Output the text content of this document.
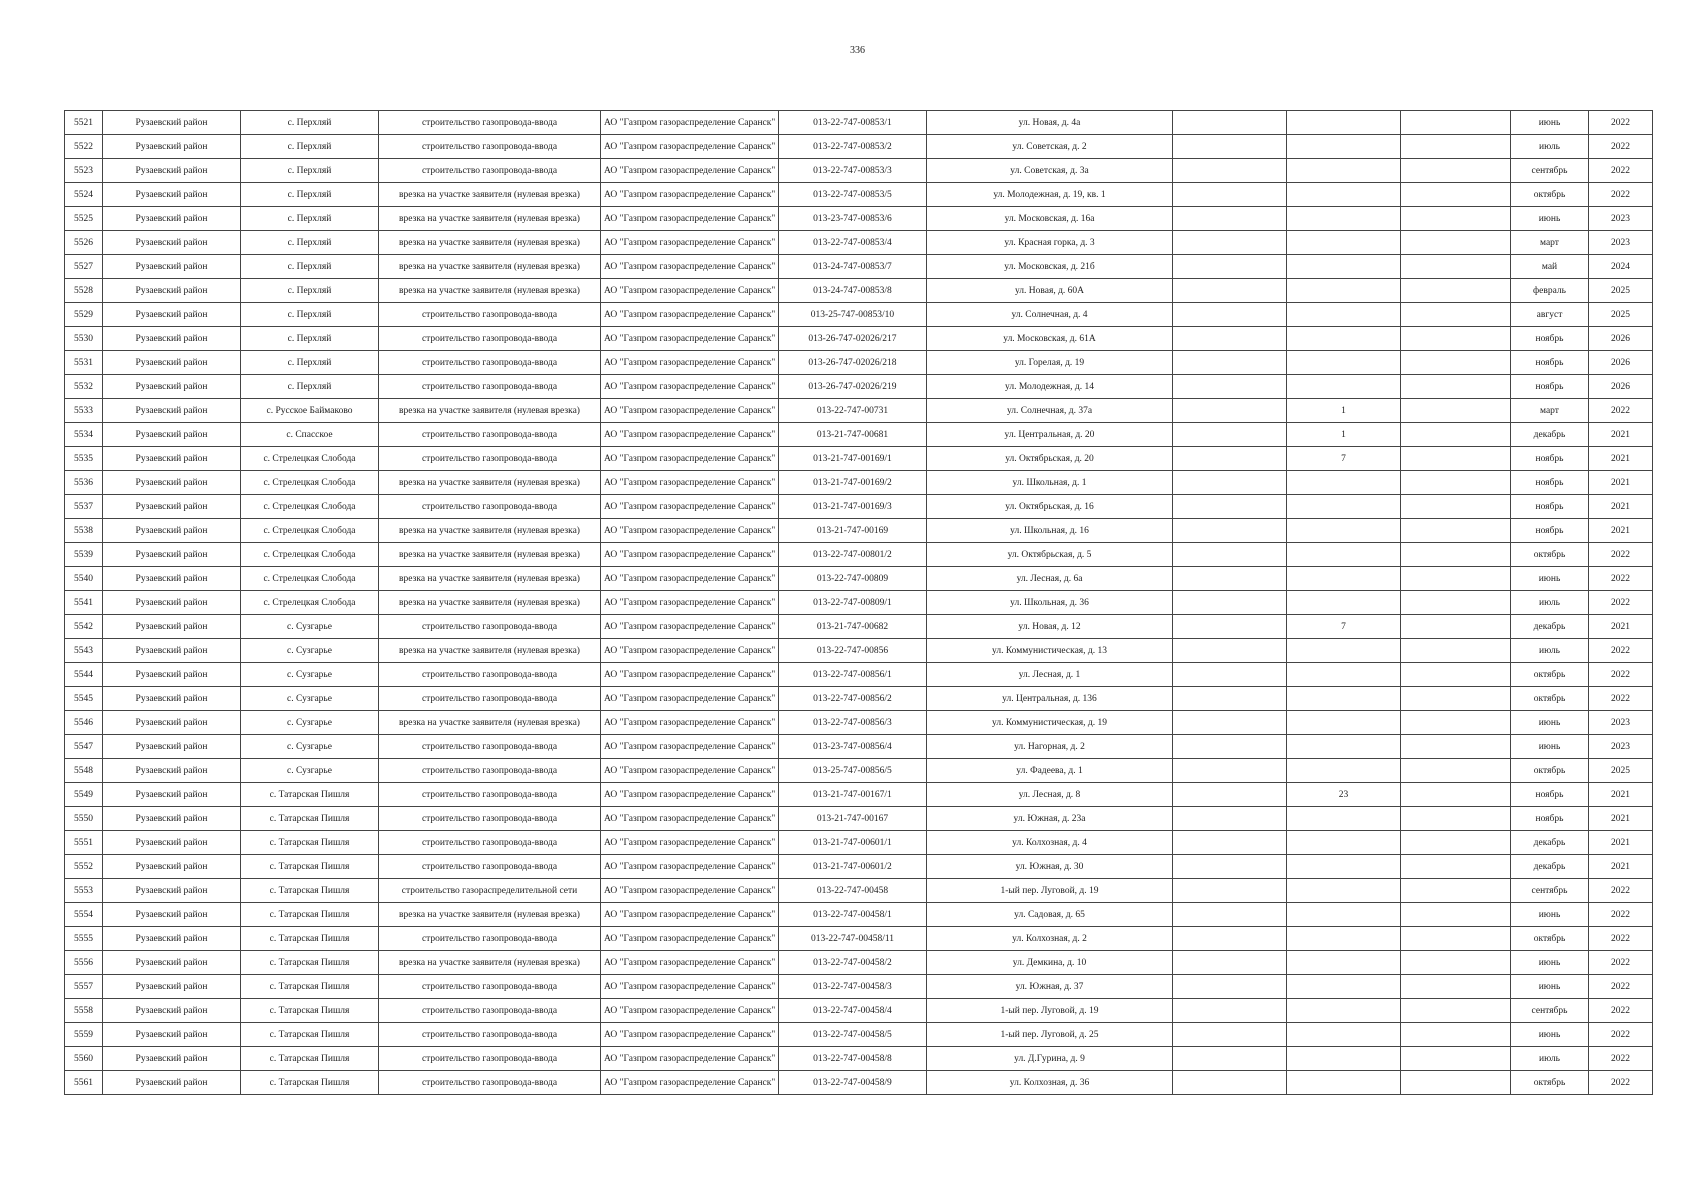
336
5521	Рузаевский район	с. Перхляй	строительство газопровода-ввода	АО "Газпром газораспределение Саранск"	013-22-747-00853/1	ул. Новая, д. 4а				июнь	2022
5522	Рузаевский район	с. Перхляй	строительство газопровода-ввода	АО "Газпром газораспределение Саранск"	013-22-747-00853/2	ул. Советская, д. 2				июль	2022
5523	Рузаевский район	с. Перхляй	строительство газопровода-ввода	АО "Газпром газораспределение Саранск"	013-22-747-00853/3	ул. Советская, д. 3а				сентябрь	2022
5524	Рузаевский район	с. Перхляй	врезка на участке заявителя (нулевая врезка)	АО "Газпром газораспределение Саранск"	013-22-747-00853/5	ул. Молодежная, д. 19, кв. 1				октябрь	2022
5525	Рузаевский район	с. Перхляй	врезка на участке заявителя (нулевая врезка)	АО "Газпром газораспределение Саранск"	013-23-747-00853/6	ул. Московская, д. 16а				июнь	2023
5526	Рузаевский район	с. Перхляй	врезка на участке заявителя (нулевая врезка)	АО "Газпром газораспределение Саранск"	013-22-747-00853/4	ул. Красная горка, д. 3				март	2023
5527	Рузаевский район	с. Перхляй	врезка на участке заявителя (нулевая врезка)	АО "Газпром газораспределение Саранск"	013-24-747-00853/7	ул. Московская, д. 21б				май	2024
5528	Рузаевский район	с. Перхляй	врезка на участке заявителя (нулевая врезка)	АО "Газпром газораспределение Саранск"	013-24-747-00853/8	ул. Новая, д. 60А				февраль	2025
5529	Рузаевский район	с. Перхляй	строительство газопровода-ввода	АО "Газпром газораспределение Саранск"	013-25-747-00853/10	ул. Солнечная, д. 4				август	2025
5530	Рузаевский район	с. Перхляй	строительство газопровода-ввода	АО "Газпром газораспределение Саранск"	013-26-747-02026/217	ул. Московская, д. 61А				ноябрь	2026
5531	Рузаевский район	с. Перхляй	строительство газопровода-ввода	АО "Газпром газораспределение Саранск"	013-26-747-02026/218	ул. Горелая, д. 19				ноябрь	2026
5532	Рузаевский район	с. Перхляй	строительство газопровода-ввода	АО "Газпром газораспределение Саранск"	013-26-747-02026/219	ул. Молодежная, д. 14				ноябрь	2026
5533	Рузаевский район	с. Русское Баймаково	врезка на участке заявителя (нулевая врезка)	АО "Газпром газораспределение Саранск"	013-22-747-00731	ул. Солнечная, д. 37а		1		март	2022
5534	Рузаевский район	с. Спасское	строительство газопровода-ввода	АО "Газпром газораспределение Саранск"	013-21-747-00681	ул. Центральная, д. 20		1		декабрь	2021
5535	Рузаевский район	с. Стрелецкая Слобода	строительство газопровода-ввода	АО "Газпром газораспределение Саранск"	013-21-747-00169/1	ул. Октябрьская, д. 20		7		ноябрь	2021
5536	Рузаевский район	с. Стрелецкая Слобода	врезка на участке заявителя (нулевая врезка)	АО "Газпром газораспределение Саранск"	013-21-747-00169/2	ул. Школьная, д. 1				ноябрь	2021
5537	Рузаевский район	с. Стрелецкая Слобода	строительство газопровода-ввода	АО "Газпром газораспределение Саранск"	013-21-747-00169/3	ул. Октябрьская, д. 16				ноябрь	2021
5538	Рузаевский район	с. Стрелецкая Слобода	врезка на участке заявителя (нулевая врезка)	АО "Газпром газораспределение Саранск"	013-21-747-00169	ул. Школьная, д. 16				ноябрь	2021
5539	Рузаевский район	с. Стрелецкая Слобода	врезка на участке заявителя (нулевая врезка)	АО "Газпром газораспределение Саранск"	013-22-747-00801/2	ул. Октябрьская, д. 5				октябрь	2022
5540	Рузаевский район	с. Стрелецкая Слобода	врезка на участке заявителя (нулевая врезка)	АО "Газпром газораспределение Саранск"	013-22-747-00809	ул. Лесная, д. 6а				июнь	2022
5541	Рузаевский район	с. Стрелецкая Слобода	врезка на участке заявителя (нулевая врезка)	АО "Газпром газораспределение Саранск"	013-22-747-00809/1	ул. Школьная, д. 36				июль	2022
5542	Рузаевский район	с. Сузгарье	строительство газопровода-ввода	АО "Газпром газораспределение Саранск"	013-21-747-00682	ул. Новая, д. 12		7		декабрь	2021
5543	Рузаевский район	с. Сузгарье	врезка на участке заявителя (нулевая врезка)	АО "Газпром газораспределение Саранск"	013-22-747-00856	ул. Коммунистическая, д. 13				июль	2022
5544	Рузаевский район	с. Сузгарье	строительство газопровода-ввода	АО "Газпром газораспределение Саранск"	013-22-747-00856/1	ул. Лесная, д. 1				октябрь	2022
5545	Рузаевский район	с. Сузгарье	строительство газопровода-ввода	АО "Газпром газораспределение Саранск"	013-22-747-00856/2	ул. Центральная, д. 136				октябрь	2022
5546	Рузаевский район	с. Сузгарье	врезка на участке заявителя (нулевая врезка)	АО "Газпром газораспределение Саранск"	013-22-747-00856/3	ул. Коммунистическая, д. 19				июнь	2023
5547	Рузаевский район	с. Сузгарье	строительство газопровода-ввода	АО "Газпром газораспределение Саранск"	013-23-747-00856/4	ул. Нагорная, д. 2				июнь	2023
5548	Рузаевский район	с. Сузгарье	строительство газопровода-ввода	АО "Газпром газораспределение Саранск"	013-25-747-00856/5	ул. Фадеева, д. 1				октябрь	2025
5549	Рузаевский район	с. Татарская Пишля	строительство газопровода-ввода	АО "Газпром газораспределение Саранск"	013-21-747-00167/1	ул. Лесная, д. 8		23		ноябрь	2021
5550	Рузаевский район	с. Татарская Пишля	строительство газопровода-ввода	АО "Газпром газораспределение Саранск"	013-21-747-00167	ул. Южная, д. 23а				ноябрь	2021
5551	Рузаевский район	с. Татарская Пишля	строительство газопровода-ввода	АО "Газпром газораспределение Саранск"	013-21-747-00601/1	ул. Колхозная, д. 4				декабрь	2021
5552	Рузаевский район	с. Татарская Пишля	строительство газопровода-ввода	АО "Газпром газораспределение Саранск"	013-21-747-00601/2	ул. Южная, д. 30				декабрь	2021
5553	Рузаевский район	с. Татарская Пишля	строительство газораспределительной сети	АО "Газпром газораспределение Саранск"	013-22-747-00458	1-ый пер. Луговой, д. 19				сентябрь	2022
5554	Рузаевский район	с. Татарская Пишля	врезка на участке заявителя (нулевая врезка)	АО "Газпром газораспределение Саранск"	013-22-747-00458/1	ул. Садовая, д. 65				июнь	2022
5555	Рузаевский район	с. Татарская Пишля	строительство газопровода-ввода	АО "Газпром газораспределение Саранск"	013-22-747-00458/11	ул. Колхозная, д. 2				октябрь	2022
5556	Рузаевский район	с. Татарская Пишля	врезка на участке заявителя (нулевая врезка)	АО "Газпром газораспределение Саранск"	013-22-747-00458/2	ул. Демкина, д. 10				июнь	2022
5557	Рузаевский район	с. Татарская Пишля	строительство газопровода-ввода	АО "Газпром газораспределение Саранск"	013-22-747-00458/3	ул. Южная, д. 37				июнь	2022
5558	Рузаевский район	с. Татарская Пишля	строительство газопровода-ввода	АО "Газпром газораспределение Саранск"	013-22-747-00458/4	1-ый пер. Луговой, д. 19				сентябрь	2022
5559	Рузаевский район	с. Татарская Пишля	строительство газопровода-ввода	АО "Газпром газораспределение Саранск"	013-22-747-00458/5	1-ый пер. Луговой, д. 25				июнь	2022
5560	Рузаевский район	с. Татарская Пишля	строительство газопровода-ввода	АО "Газпром газораспределение Саранск"	013-22-747-00458/8	ул. Д.Гурина, д. 9				июль	2022
5561	Рузаевский район	с. Татарская Пишля	строительство газопровода-ввода	АО "Газпром газораспределение Саранск"	013-22-747-00458/9	ул. Колхозная, д. 36				октябрь	2022
